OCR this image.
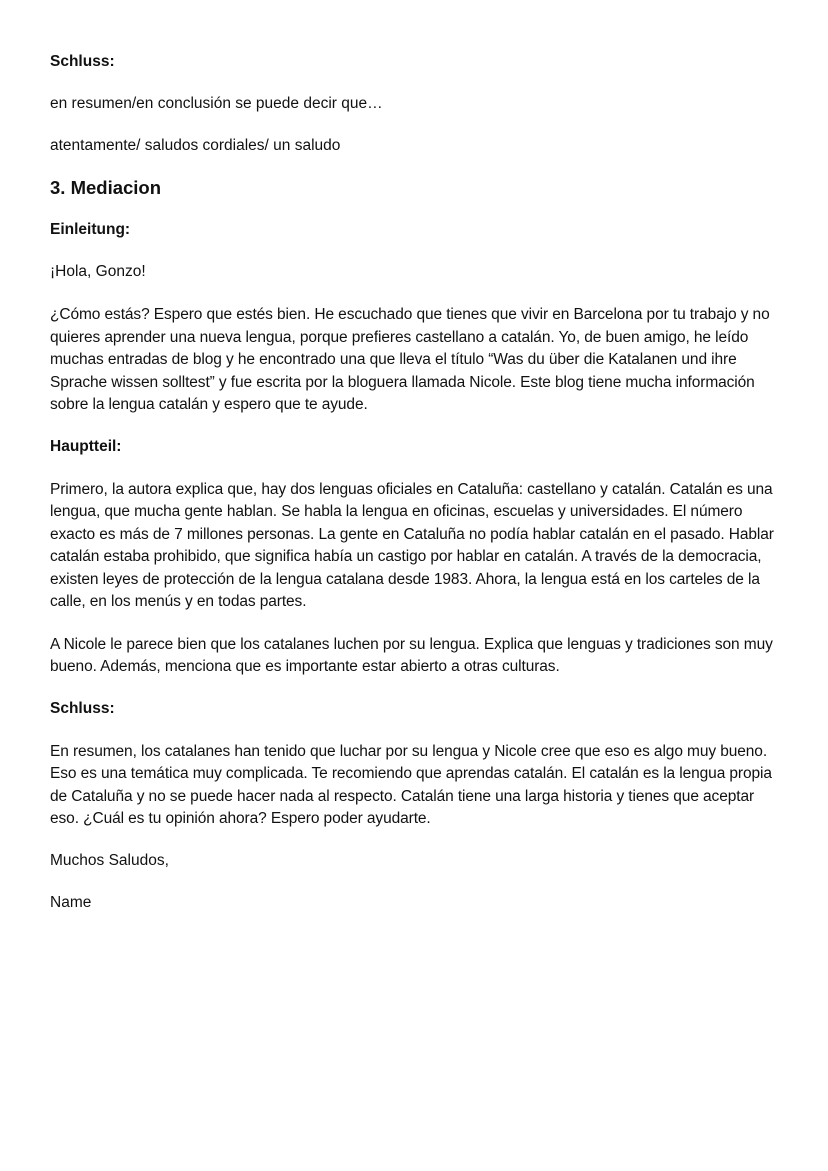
Schluss:
en resumen/en conclusión se puede decir que…
atentamente/ saludos cordiales/ un saludo
3. Mediacion
Einleitung:
¡Hola, Gonzo!

¿Cómo estás? Espero que estés bien. He escuchado que tienes que vivir en Barcelona por tu trabajo y no quieres aprender una nueva lengua, porque prefieres castellano a catalán. Yo, de buen amigo, he leído muchas entradas de blog y he encontrado una que lleva el título “Was du über die Katalanen und ihre Sprache wissen solltest” y fue escrita por la bloguera llamada Nicole. Este blog tiene mucha información sobre la lengua catalán y espero que te ayude.

Hauptteil:

Primero, la autora explica que, hay dos lenguas oficiales en Cataluña: castellano y catalán. Catalán es una lengua, que mucha gente hablan. Se habla la lengua en oficinas, escuelas y universidades. El número exacto es más de 7 millones personas. La gente en Cataluña no podía hablar catalán en el pasado. Hablar catalán estaba prohibido, que significa había un castigo por hablar en catalán. A través de la democracia, existen leyes de protección de la lengua catalana desde 1983. Ahora, la lengua está en los carteles de la calle, en los menús y en todas partes.

A Nicole le parece bien que los catalanes luchen por su lengua. Explica que lenguas y tradiciones son muy bueno. Además, menciona que es importante estar abierto a otras culturas.

Schluss:

En resumen, los catalanes han tenido que luchar por su lengua y Nicole cree que eso es algo muy bueno. Eso es una temática muy complicada. Te recomiendo que aprendas catalán. El catalán es la lengua propia de Cataluña y no se puede hacer nada al respecto. Catalán tiene una larga historia y tienes que aceptar eso. ¿Cuál es tu opinión ahora? Espero poder ayudarte.

Muchos Saludos,
Name
